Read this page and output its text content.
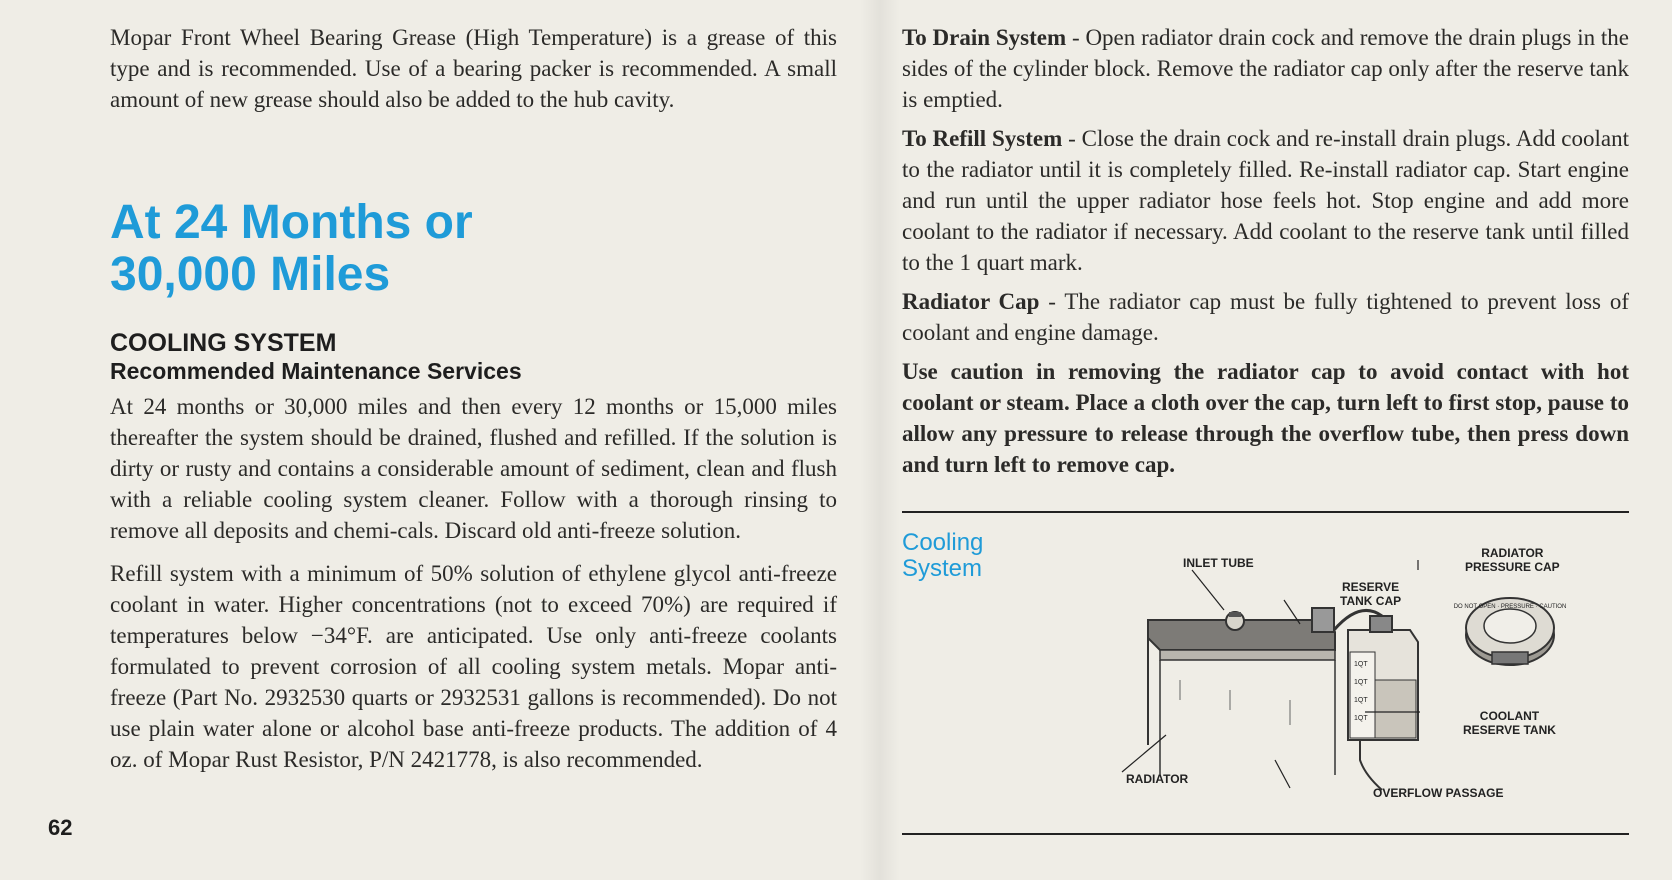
Mopar Front Wheel Bearing Grease (High Temperature) is a grease of this type and is recommended. Use of a bearing packer is recommended. A small amount of new grease should also be added to the hub cavity.

At 24 Months or
30,000 Miles
COOLING SYSTEM
Recommended Maintenance Services

At 24 months or 30,000 miles and then every 12 months or 15,000 miles thereafter the system should be drained, flushed and refilled. If the solution is dirty or rusty and contains a considerable amount of sediment, clean and flush with a reliable cooling system cleaner. Follow with a thorough rinsing to remove all deposits and chemi-cals. Discard old anti-freeze solution.

Refill system with a minimum of 50% solution of ethylene glycol anti-freeze coolant in water. Higher concentrations (not to exceed 70%) are required if temperatures below −34°F. are anticipated. Use only anti-freeze coolants formulated to prevent corrosion of all cooling system metals. Mopar anti-freeze (Part No. 2932530 quarts or 2932531 gallons is recommended). Do not use plain water alone or alcohol base anti-freeze products. The addition of 4 oz. of Mopar Rust Resistor, P/N 2421778, is also recommended.

62

To Drain System - Open radiator drain cock and remove the drain plugs in the sides of the cylinder block. Remove the radiator cap only after the reserve tank is emptied.

To Refill System - Close the drain cock and re-install drain plugs. Add coolant to the radiator until it is completely filled. Re-install radiator cap. Start engine and run until the upper radiator hose feels hot. Stop engine and add more coolant to the radiator if necessary. Add coolant to the reserve tank until filled to the 1 quart mark.

Radiator Cap - The radiator cap must be fully tightened to prevent loss of coolant and engine damage.

Use caution in removing the radiator cap to avoid contact with hot coolant or steam. Place a cloth over the cap, turn left to first stop, pause to allow any pressure to release through the overflow tube, then press down and turn left to remove cap.

Cooling
System	INLET TUBE
RESERVE
TANK CAP
RADIATOR
PRESSURE CAP
COOLANT
RESERVE TANK
RADIATOR
OVERFLOW PASSAGE
1QT
1QT
1QT
1QT
DO NOT OPEN · PRESSURE · CAUTION
